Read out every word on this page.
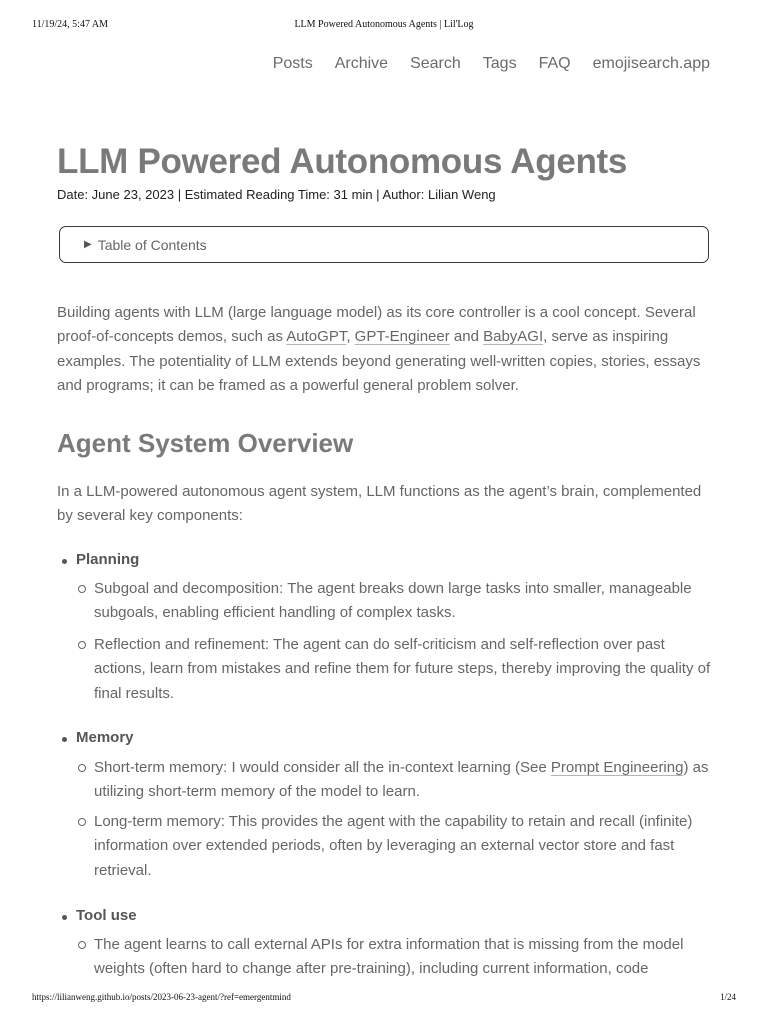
11/19/24, 5:47 AM	LLM Powered Autonomous Agents | Lil'Log
Posts Archive Search Tags FAQ emojisearch.app
LLM Powered Autonomous Agents
Date: June 23, 2023 | Estimated Reading Time: 31 min | Author: Lilian Weng
▶ Table of Contents

Building agents with LLM (large language model) as its core controller is a cool concept. Several proof-of-concepts demos, such as AutoGPT, GPT-Engineer and BabyAGI, serve as inspiring examples. The potentiality of LLM extends beyond generating well-written copies, stories, essays and programs; it can be framed as a powerful general problem solver.

Agent System Overview

In a LLM-powered autonomous agent system, LLM functions as the agent’s brain, complemented by several key components:

Planning

Subgoal and decomposition: The agent breaks down large tasks into smaller, manageable subgoals, enabling efficient handling of complex tasks.

Reflection and refinement: The agent can do self-criticism and self-reflection over past actions, learn from mistakes and refine them for future steps, thereby improving the quality of final results.

Memory

Short-term memory: I would consider all the in-context learning (See Prompt Engineering) as utilizing short-term memory of the model to learn.

Long-term memory: This provides the agent with the capability to retain and recall (infinite) information over extended periods, often by leveraging an external vector store and fast retrieval.

Tool use

The agent learns to call external APIs for extra information that is missing from the model weights (often hard to change after pre-training), including current information, code

https://lilianweng.github.io/posts/2023-06-23-agent/?ref=emergentmind	1/24
